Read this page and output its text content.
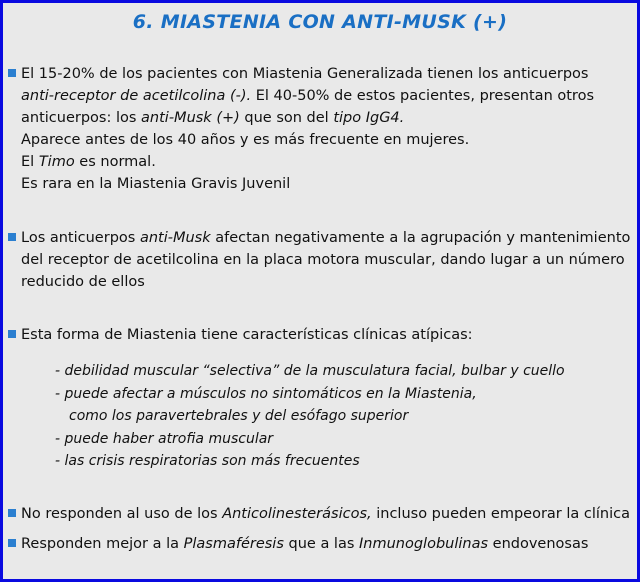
6. MIASTENIA CON ANTI-MUSK (+)
El 15-20% de los pacientes con Miastenia Generalizada tienen los anticuerpos
anti-receptor de acetilcolina (-). El 40-50% de estos pacientes, presentan otros
anticuerpos: los anti-Musk (+) que son del tipo IgG4.
Aparece antes de los 40 años y es más frecuente en mujeres.
El Timo es normal.
Es rara en la Miastenia Gravis Juvenil
Los anticuerpos anti-Musk afectan negativamente a la agrupación y mantenimiento
del receptor de acetilcolina en la placa motora muscular, dando lugar a un número
reducido de ellos
Esta forma de Miastenia tiene características clínicas atípicas:
- debilidad muscular “selectiva” de la musculatura facial, bulbar y cuello
- puede afectar a músculos no sintomáticos en la Miastenia,
como los paravertebrales y del esófago superior
- puede haber atrofia muscular
- las crisis respiratorias son más frecuentes
No responden al uso de los Anticolinesterásicos, incluso pueden empeorar la clínica
Responden mejor a la Plasmaféresis que a las Inmunoglobulinas endovenosas
